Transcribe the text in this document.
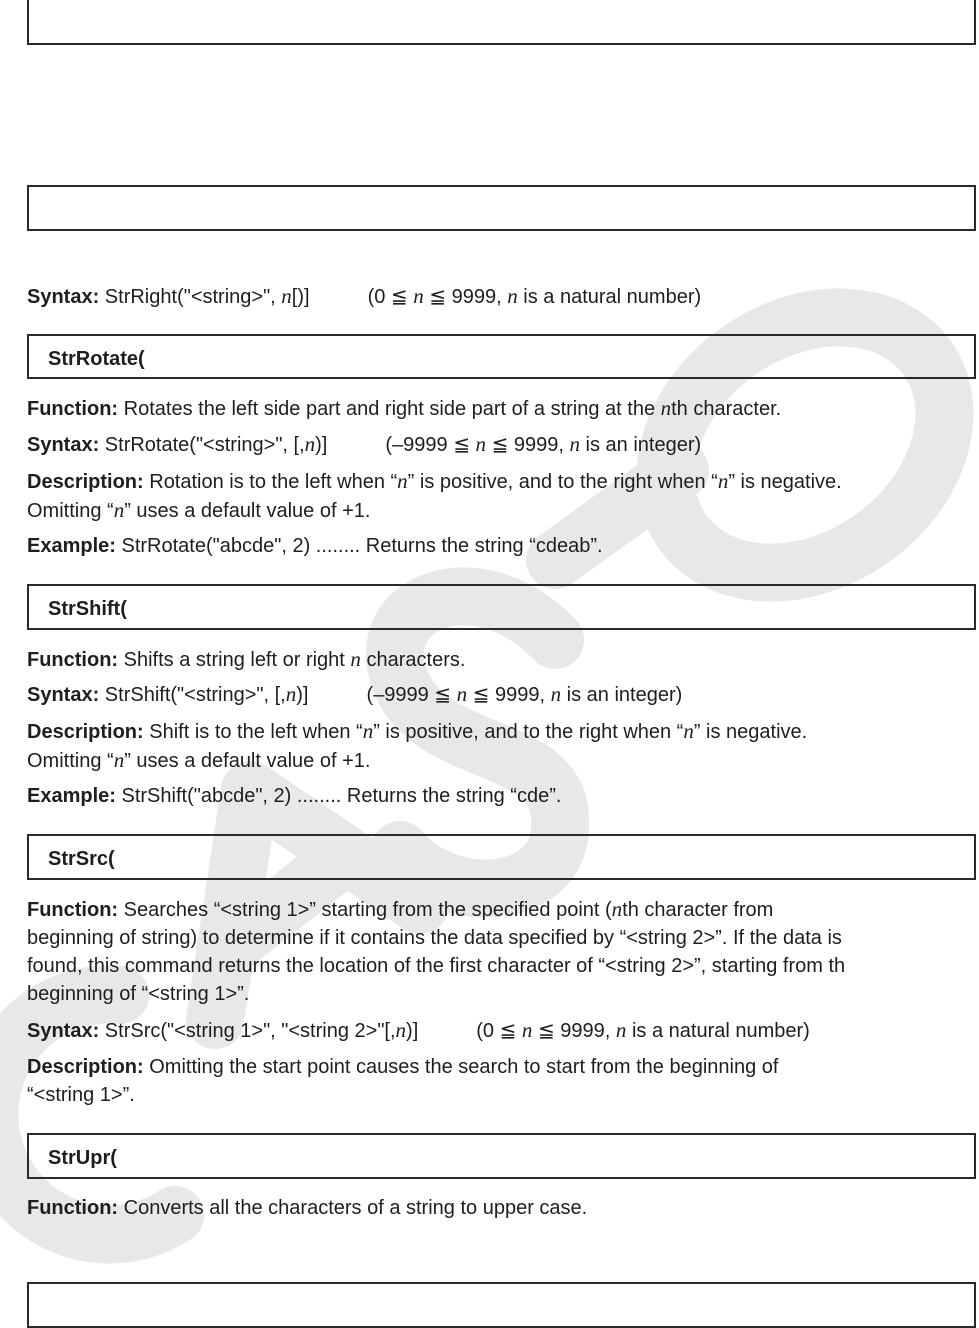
Syntax: StrRight("<string>", n[)]	(0 ≦ n ≦ 9999, n is a natural number)
StrRotate(
Function: Rotates the left side part and right side part of a string at the nth character.
Syntax: StrRotate("<string>", [,n)]	(–9999 ≦ n ≦ 9999, n is an integer)
Description: Rotation is to the left when “n” is positive, and to the right when “n” is negative.
Omitting “n” uses a default value of +1.
Example: StrRotate("abcde", 2) ........ Returns the string “cdeab”.
StrShift(
Function: Shifts a string left or right n characters.
Syntax: StrShift("<string>", [,n)]	(–9999 ≦ n ≦ 9999, n is an integer)
Description: Shift is to the left when “n” is positive, and to the right when “n” is negative.
Omitting “n” uses a default value of +1.
Example: StrShift("abcde", 2) ........ Returns the string “cde”.
StrSrc(
Function: Searches “<string 1>” starting from the specified point (nth character from
beginning of string) to determine if it contains the data specified by “<string 2>”. If the data is
found, this command returns the location of the first character of “<string 2>”, starting from th
beginning of “<string 1>”.
Syntax: StrSrc("<string 1>", "<string 2>"[,n)]	(0 ≦ n ≦ 9999, n is a natural number)
Description: Omitting the start point causes the search to start from the beginning of
“<string 1>”.
StrUpr(
Function: Converts all the characters of a string to upper case.
